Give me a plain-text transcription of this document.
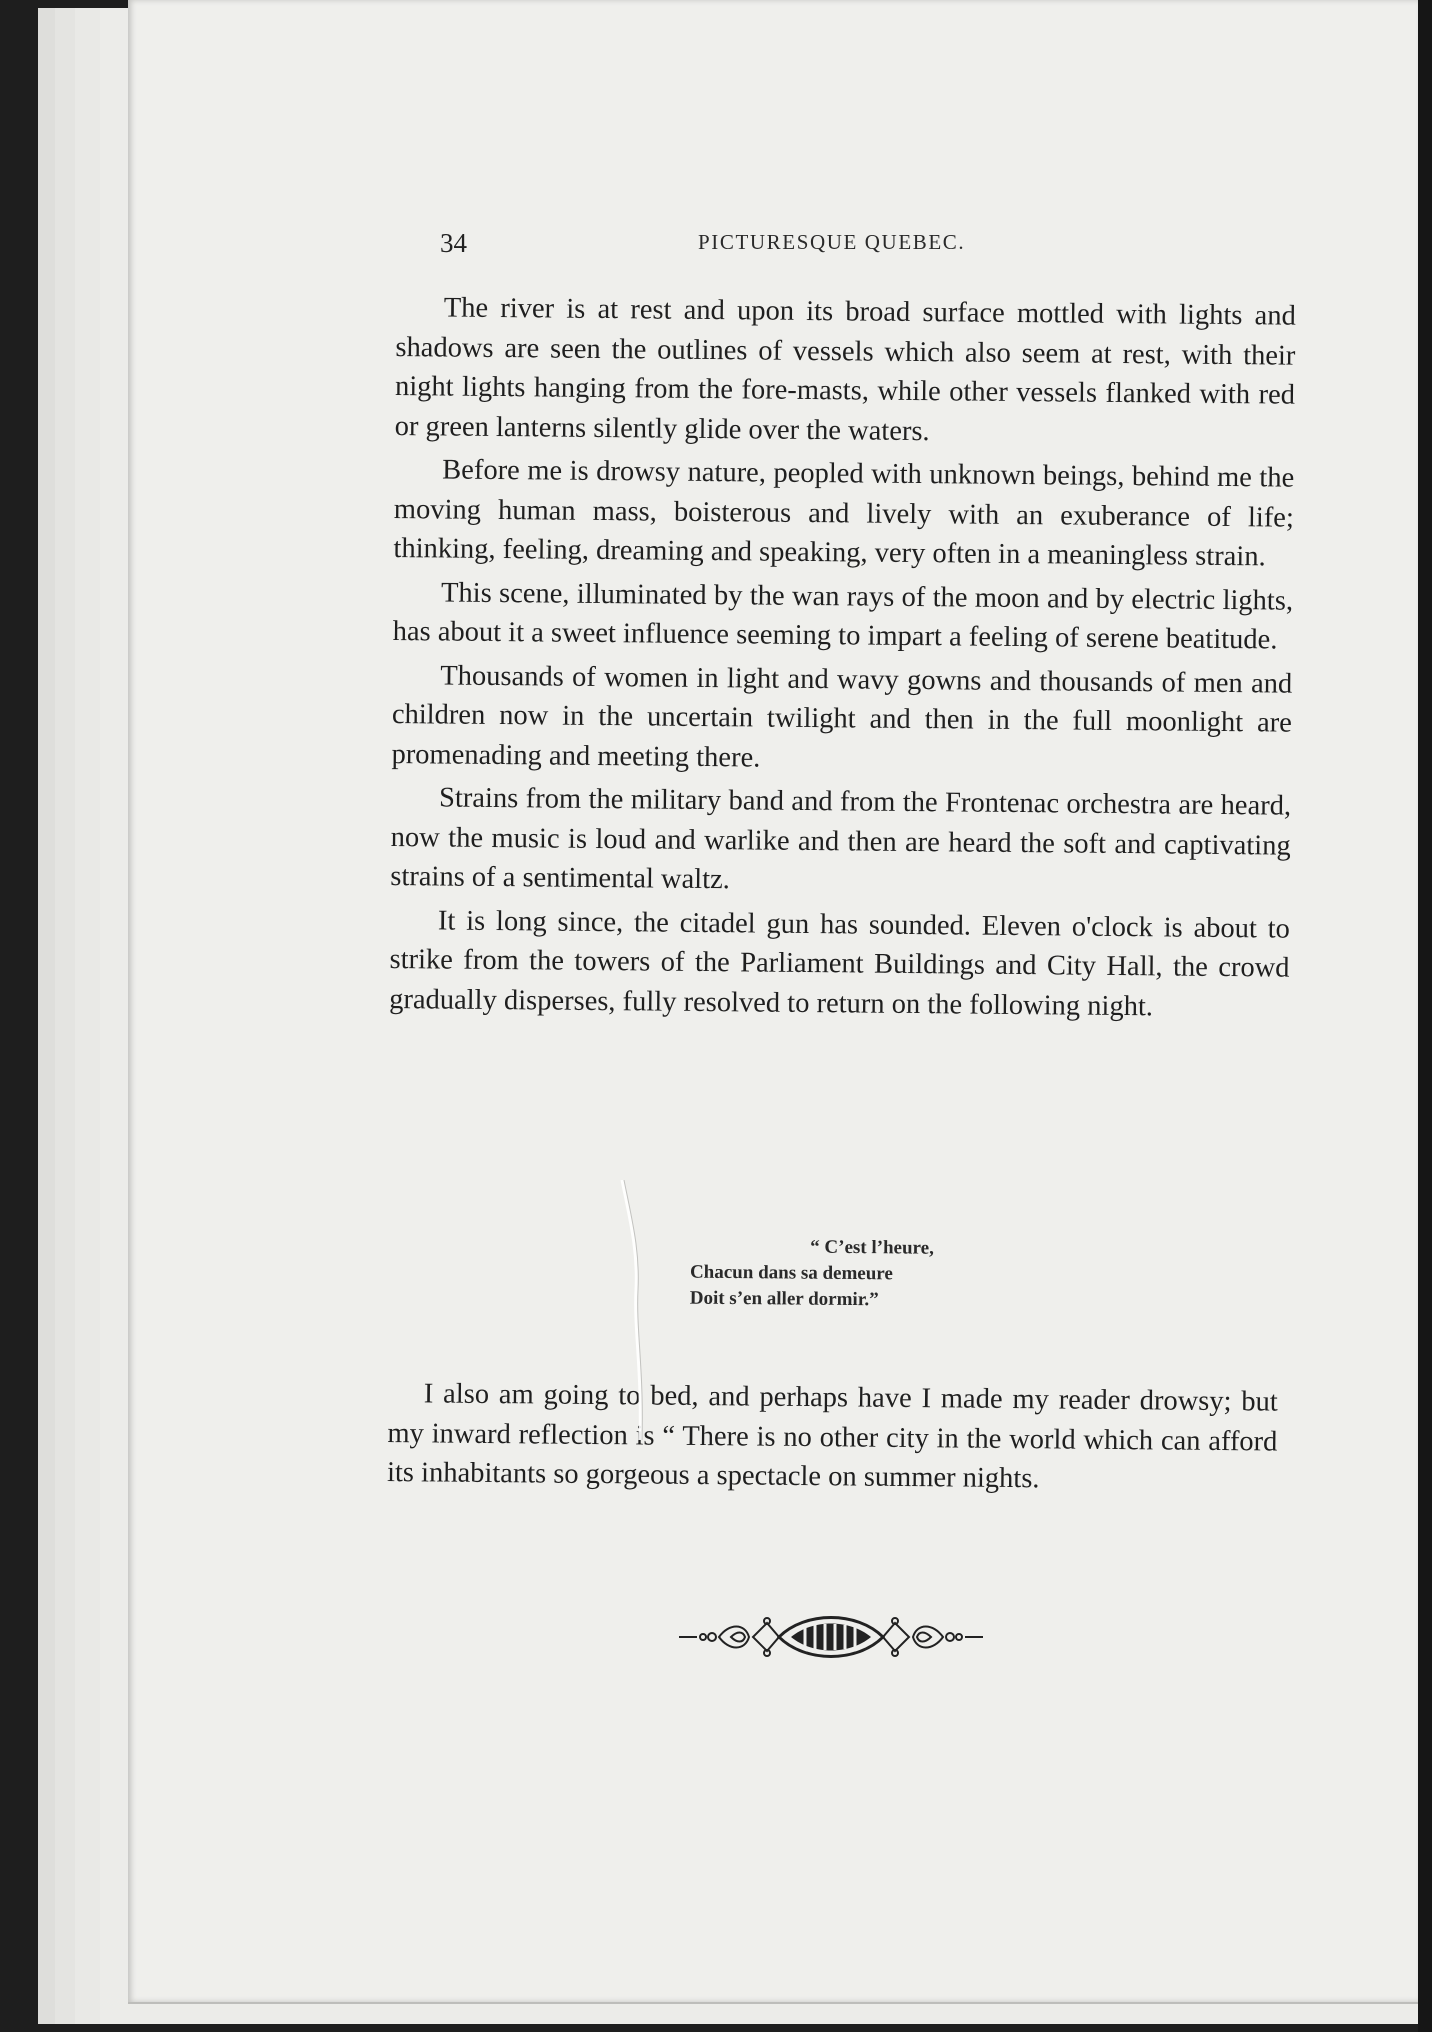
34	PICTURESQUE QUEBEC.

The river is at rest and upon its broad surface mottled with lights and shadows are seen the outlines of vessels which also seem at rest, with their night lights hanging from the fore-masts, while other vessels flanked with red or green lanterns silently glide over the waters.

Before me is drowsy nature, peopled with unknown beings, behind me the moving human mass, boisterous and lively with an exuberance of life; thinking, feeling, dreaming and speaking, very often in a meaningless strain.

This scene, illuminated by the wan rays of the moon and by electric lights, has about it a sweet influence seeming to impart a feeling of serene beatitude.

Thousands of women in light and wavy gowns and thousands of men and children now in the uncertain twilight and then in the full moonlight are promenading and meeting there.

Strains from the military band and from the Frontenac orchestra are heard, now the music is loud and warlike and then are heard the soft and captivating strains of a sentimental waltz.

It is long since, the citadel gun has sounded. Eleven o'clock is about to strike from the towers of the Parliament Buildings and City Hall, the crowd gradually disperses, fully resolved to return on the following night.

“ C’est l’heure,
Chacun dans sa demeure
Doit s’en aller dormir.”

I also am going to bed, and perhaps have I made my reader drowsy; but my inward reflection is “ There is no other city in the world which can afford its inhabitants so gorgeous a spectacle on summer nights.
